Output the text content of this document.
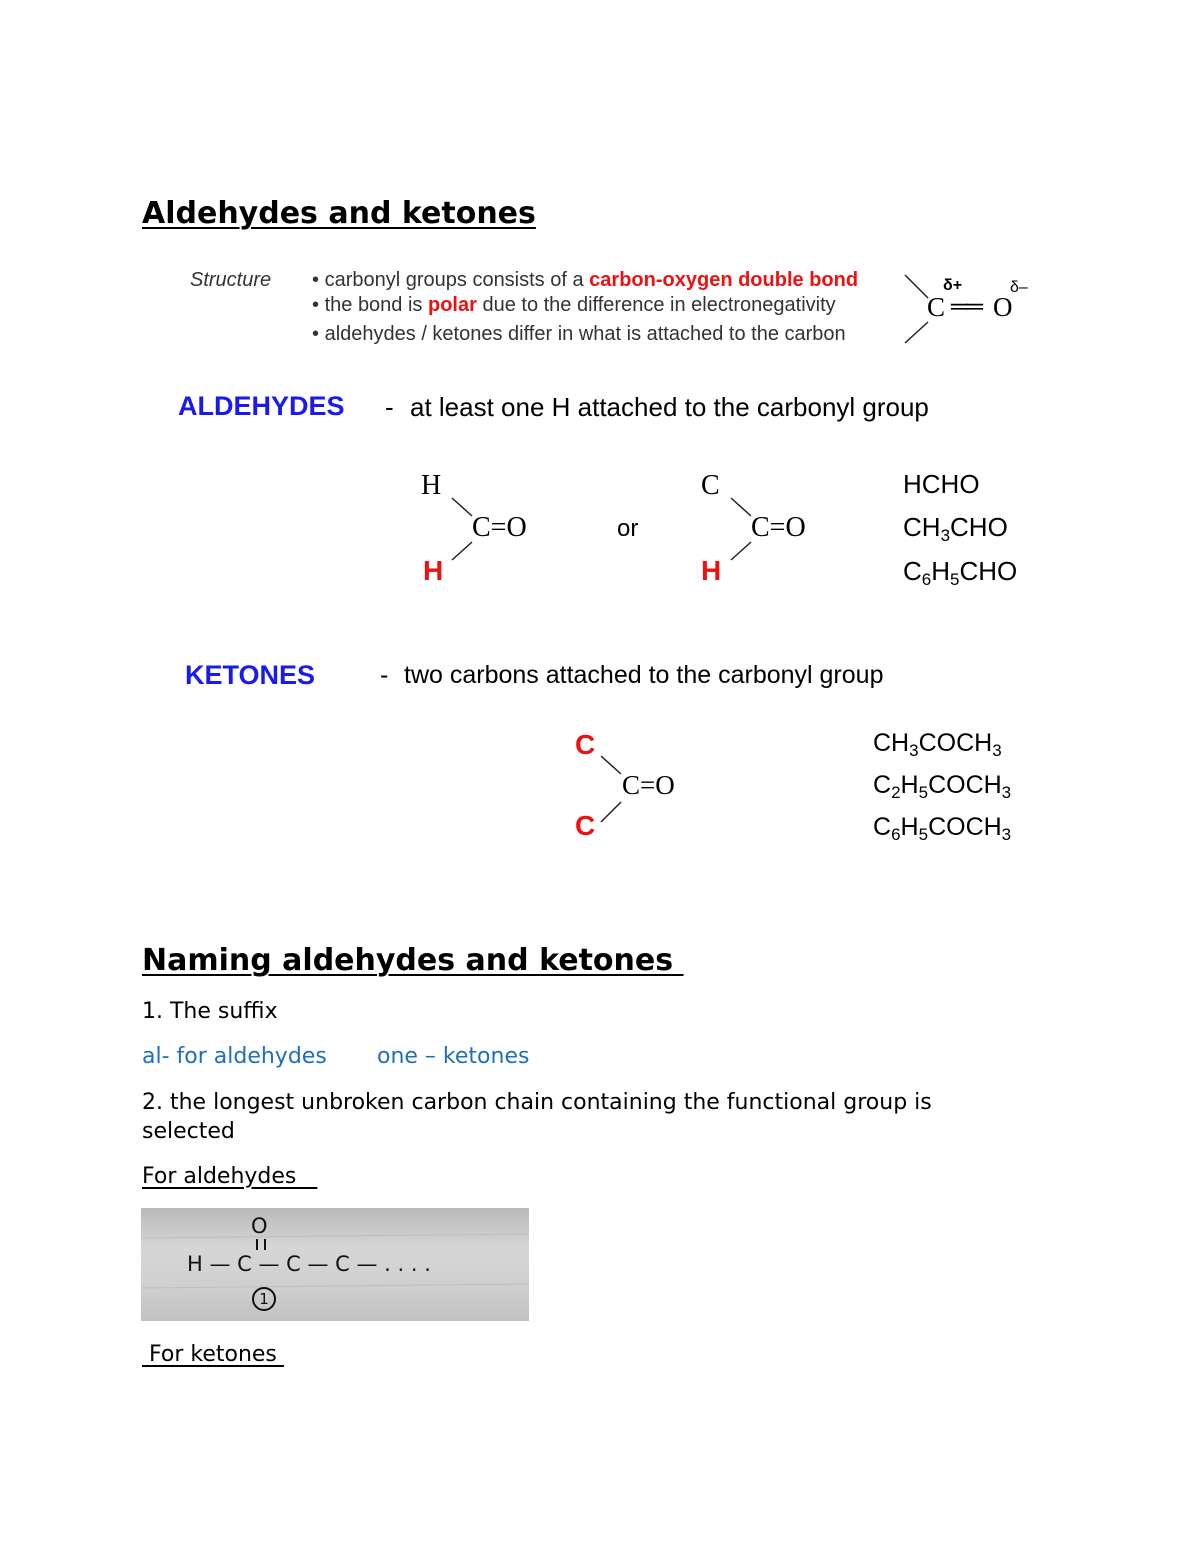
Aldehydes and ketones
Structure • carbonyl groups consists of a carbon-oxygen double bond
• the bond is polar due to the difference in electronegativity
• aldehydes / ketones differ in what is attached to the carbon
δ+	δ–
C ══ O
ALDEHYDES - at least one H attached to the carbonyl group
H
C=O
H
or
C
C=O
H
HCHO
$CH_3CHO$
$C_6H_5CHO$
KETONES	- two carbons attached to the carbonyl group
C
C=O
C
$CH_3COCH_3$
$C_2H_5COCH_3$
$C_6H_5COCH_3$
Naming aldehydes and ketones
1. The suffix
al- for aldehydes one – ketones
2. the longest unbroken carbon chain containing the functional group is
selected
For aldehydes
O
H — C — C — C — . . . .
1
For ketones
